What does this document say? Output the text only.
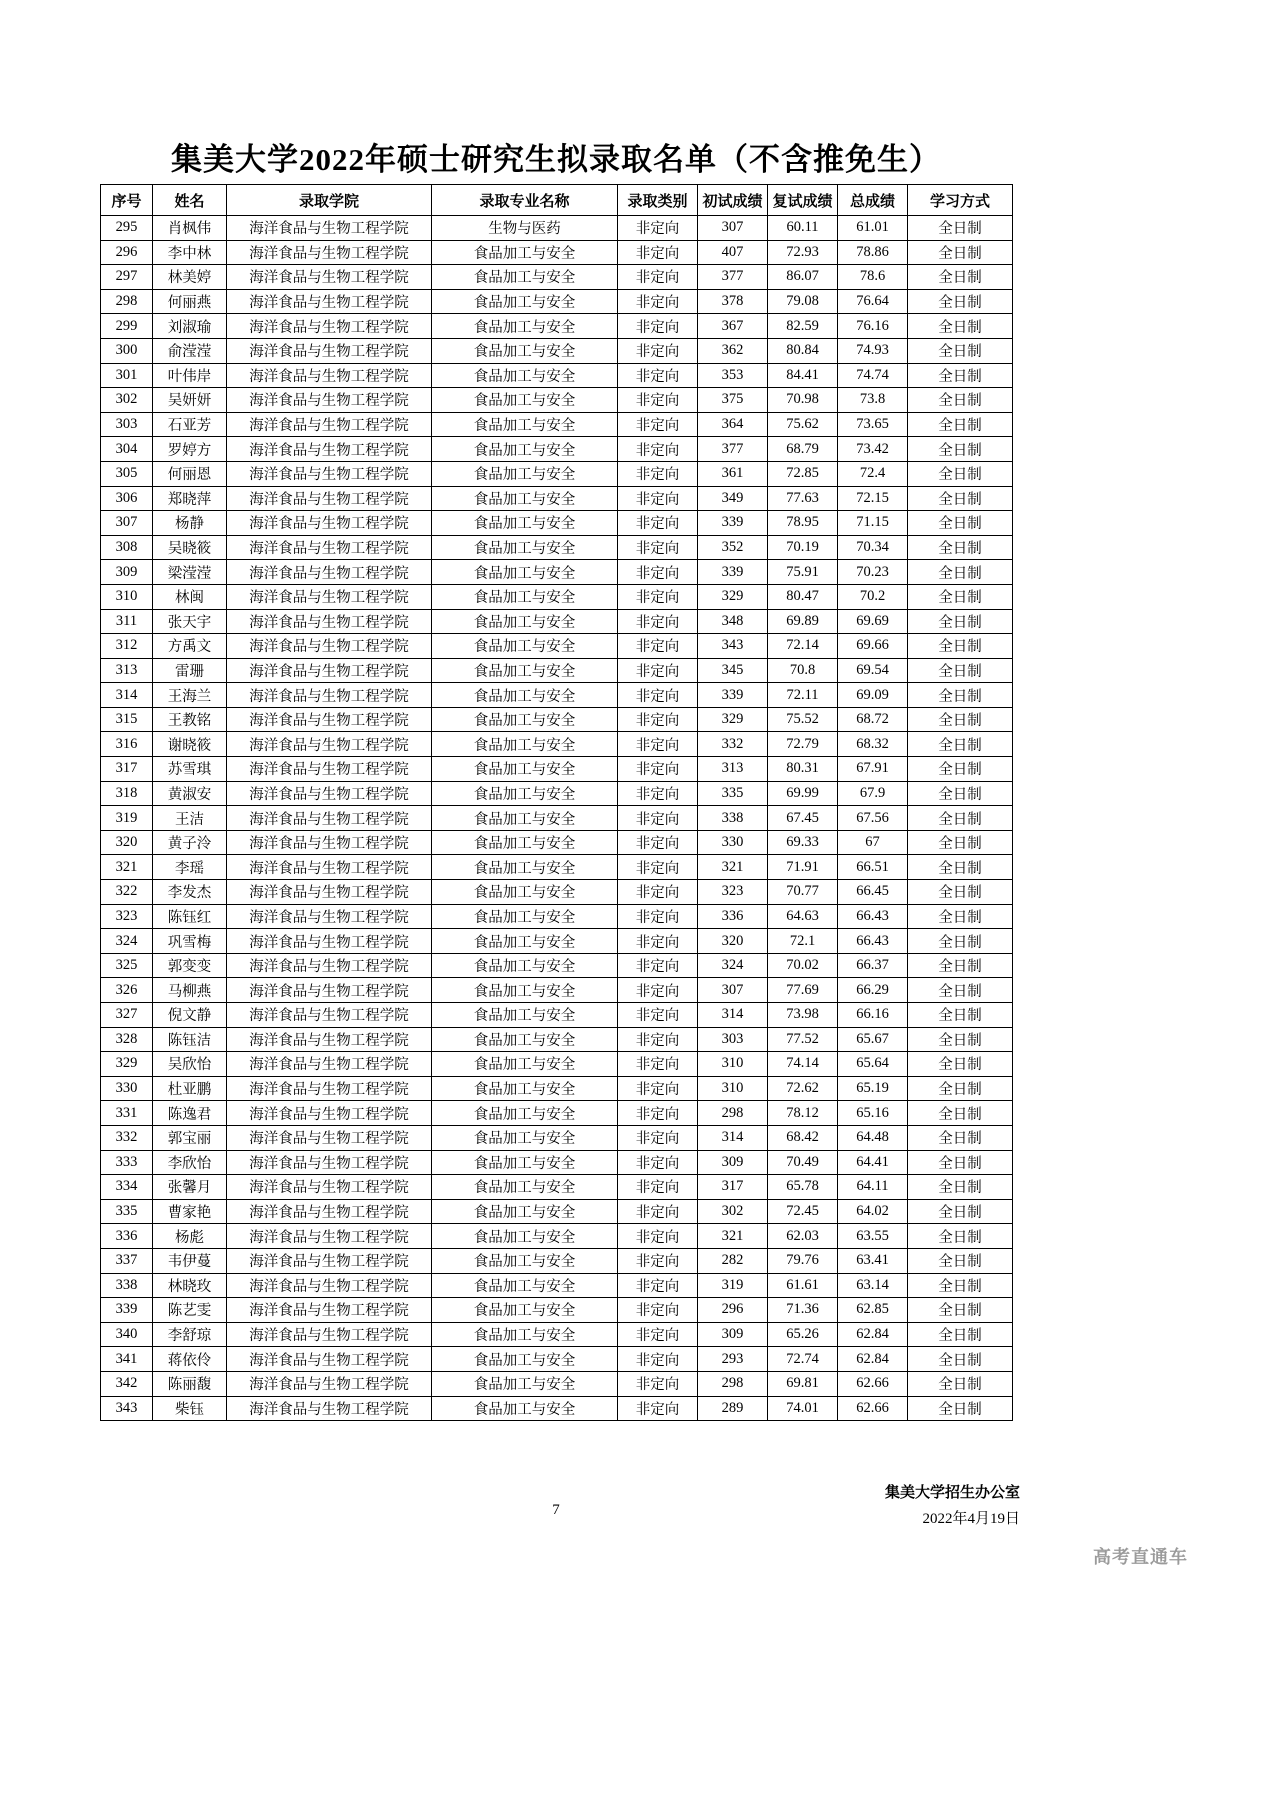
集美大学2022年硕士研究生拟录取名单（不含推免生）
序号	姓名	录取学院	录取专业名称	录取类别	初试成绩	复试成绩	总成绩	学习方式
295	肖枫伟	海洋食品与生物工程学院	生物与医药	非定向	307	60.11	61.01	全日制
296	李中林	海洋食品与生物工程学院	食品加工与安全	非定向	407	72.93	78.86	全日制
297	林美婷	海洋食品与生物工程学院	食品加工与安全	非定向	377	86.07	78.6	全日制
298	何丽燕	海洋食品与生物工程学院	食品加工与安全	非定向	378	79.08	76.64	全日制
299	刘淑瑜	海洋食品与生物工程学院	食品加工与安全	非定向	367	82.59	76.16	全日制
300	俞滢滢	海洋食品与生物工程学院	食品加工与安全	非定向	362	80.84	74.93	全日制
301	叶伟岸	海洋食品与生物工程学院	食品加工与安全	非定向	353	84.41	74.74	全日制
302	吴妍妍	海洋食品与生物工程学院	食品加工与安全	非定向	375	70.98	73.8	全日制
303	石亚芳	海洋食品与生物工程学院	食品加工与安全	非定向	364	75.62	73.65	全日制
304	罗婷方	海洋食品与生物工程学院	食品加工与安全	非定向	377	68.79	73.42	全日制
305	何丽恩	海洋食品与生物工程学院	食品加工与安全	非定向	361	72.85	72.4	全日制
306	郑晓萍	海洋食品与生物工程学院	食品加工与安全	非定向	349	77.63	72.15	全日制
307	杨静	海洋食品与生物工程学院	食品加工与安全	非定向	339	78.95	71.15	全日制
308	吴晓筱	海洋食品与生物工程学院	食品加工与安全	非定向	352	70.19	70.34	全日制
309	梁滢滢	海洋食品与生物工程学院	食品加工与安全	非定向	339	75.91	70.23	全日制
310	林闽	海洋食品与生物工程学院	食品加工与安全	非定向	329	80.47	70.2	全日制
311	张天宇	海洋食品与生物工程学院	食品加工与安全	非定向	348	69.89	69.69	全日制
312	方禹文	海洋食品与生物工程学院	食品加工与安全	非定向	343	72.14	69.66	全日制
313	雷珊	海洋食品与生物工程学院	食品加工与安全	非定向	345	70.8	69.54	全日制
314	王海兰	海洋食品与生物工程学院	食品加工与安全	非定向	339	72.11	69.09	全日制
315	王教铭	海洋食品与生物工程学院	食品加工与安全	非定向	329	75.52	68.72	全日制
316	谢晓筱	海洋食品与生物工程学院	食品加工与安全	非定向	332	72.79	68.32	全日制
317	苏雪琪	海洋食品与生物工程学院	食品加工与安全	非定向	313	80.31	67.91	全日制
318	黄淑安	海洋食品与生物工程学院	食品加工与安全	非定向	335	69.99	67.9	全日制
319	王洁	海洋食品与生物工程学院	食品加工与安全	非定向	338	67.45	67.56	全日制
320	黄子泠	海洋食品与生物工程学院	食品加工与安全	非定向	330	69.33	67	全日制
321	李瑶	海洋食品与生物工程学院	食品加工与安全	非定向	321	71.91	66.51	全日制
322	李发杰	海洋食品与生物工程学院	食品加工与安全	非定向	323	70.77	66.45	全日制
323	陈钰红	海洋食品与生物工程学院	食品加工与安全	非定向	336	64.63	66.43	全日制
324	巩雪梅	海洋食品与生物工程学院	食品加工与安全	非定向	320	72.1	66.43	全日制
325	郭变变	海洋食品与生物工程学院	食品加工与安全	非定向	324	70.02	66.37	全日制
326	马柳燕	海洋食品与生物工程学院	食品加工与安全	非定向	307	77.69	66.29	全日制
327	倪文静	海洋食品与生物工程学院	食品加工与安全	非定向	314	73.98	66.16	全日制
328	陈钰洁	海洋食品与生物工程学院	食品加工与安全	非定向	303	77.52	65.67	全日制
329	吴欣怡	海洋食品与生物工程学院	食品加工与安全	非定向	310	74.14	65.64	全日制
330	杜亚鹏	海洋食品与生物工程学院	食品加工与安全	非定向	310	72.62	65.19	全日制
331	陈逸君	海洋食品与生物工程学院	食品加工与安全	非定向	298	78.12	65.16	全日制
332	郭宝丽	海洋食品与生物工程学院	食品加工与安全	非定向	314	68.42	64.48	全日制
333	李欣怡	海洋食品与生物工程学院	食品加工与安全	非定向	309	70.49	64.41	全日制
334	张馨月	海洋食品与生物工程学院	食品加工与安全	非定向	317	65.78	64.11	全日制
335	曹家艳	海洋食品与生物工程学院	食品加工与安全	非定向	302	72.45	64.02	全日制
336	杨彪	海洋食品与生物工程学院	食品加工与安全	非定向	321	62.03	63.55	全日制
337	韦伊蔓	海洋食品与生物工程学院	食品加工与安全	非定向	282	79.76	63.41	全日制
338	林晓玫	海洋食品与生物工程学院	食品加工与安全	非定向	319	61.61	63.14	全日制
339	陈艺雯	海洋食品与生物工程学院	食品加工与安全	非定向	296	71.36	62.85	全日制
340	李舒琼	海洋食品与生物工程学院	食品加工与安全	非定向	309	65.26	62.84	全日制
341	蒋依伶	海洋食品与生物工程学院	食品加工与安全	非定向	293	72.74	62.84	全日制
342	陈丽馥	海洋食品与生物工程学院	食品加工与安全	非定向	298	69.81	62.66	全日制
343	柴钰	海洋食品与生物工程学院	食品加工与安全	非定向	289	74.01	62.66	全日制
集美大学招生办公室
2022年4月19日
7
高考直通车
